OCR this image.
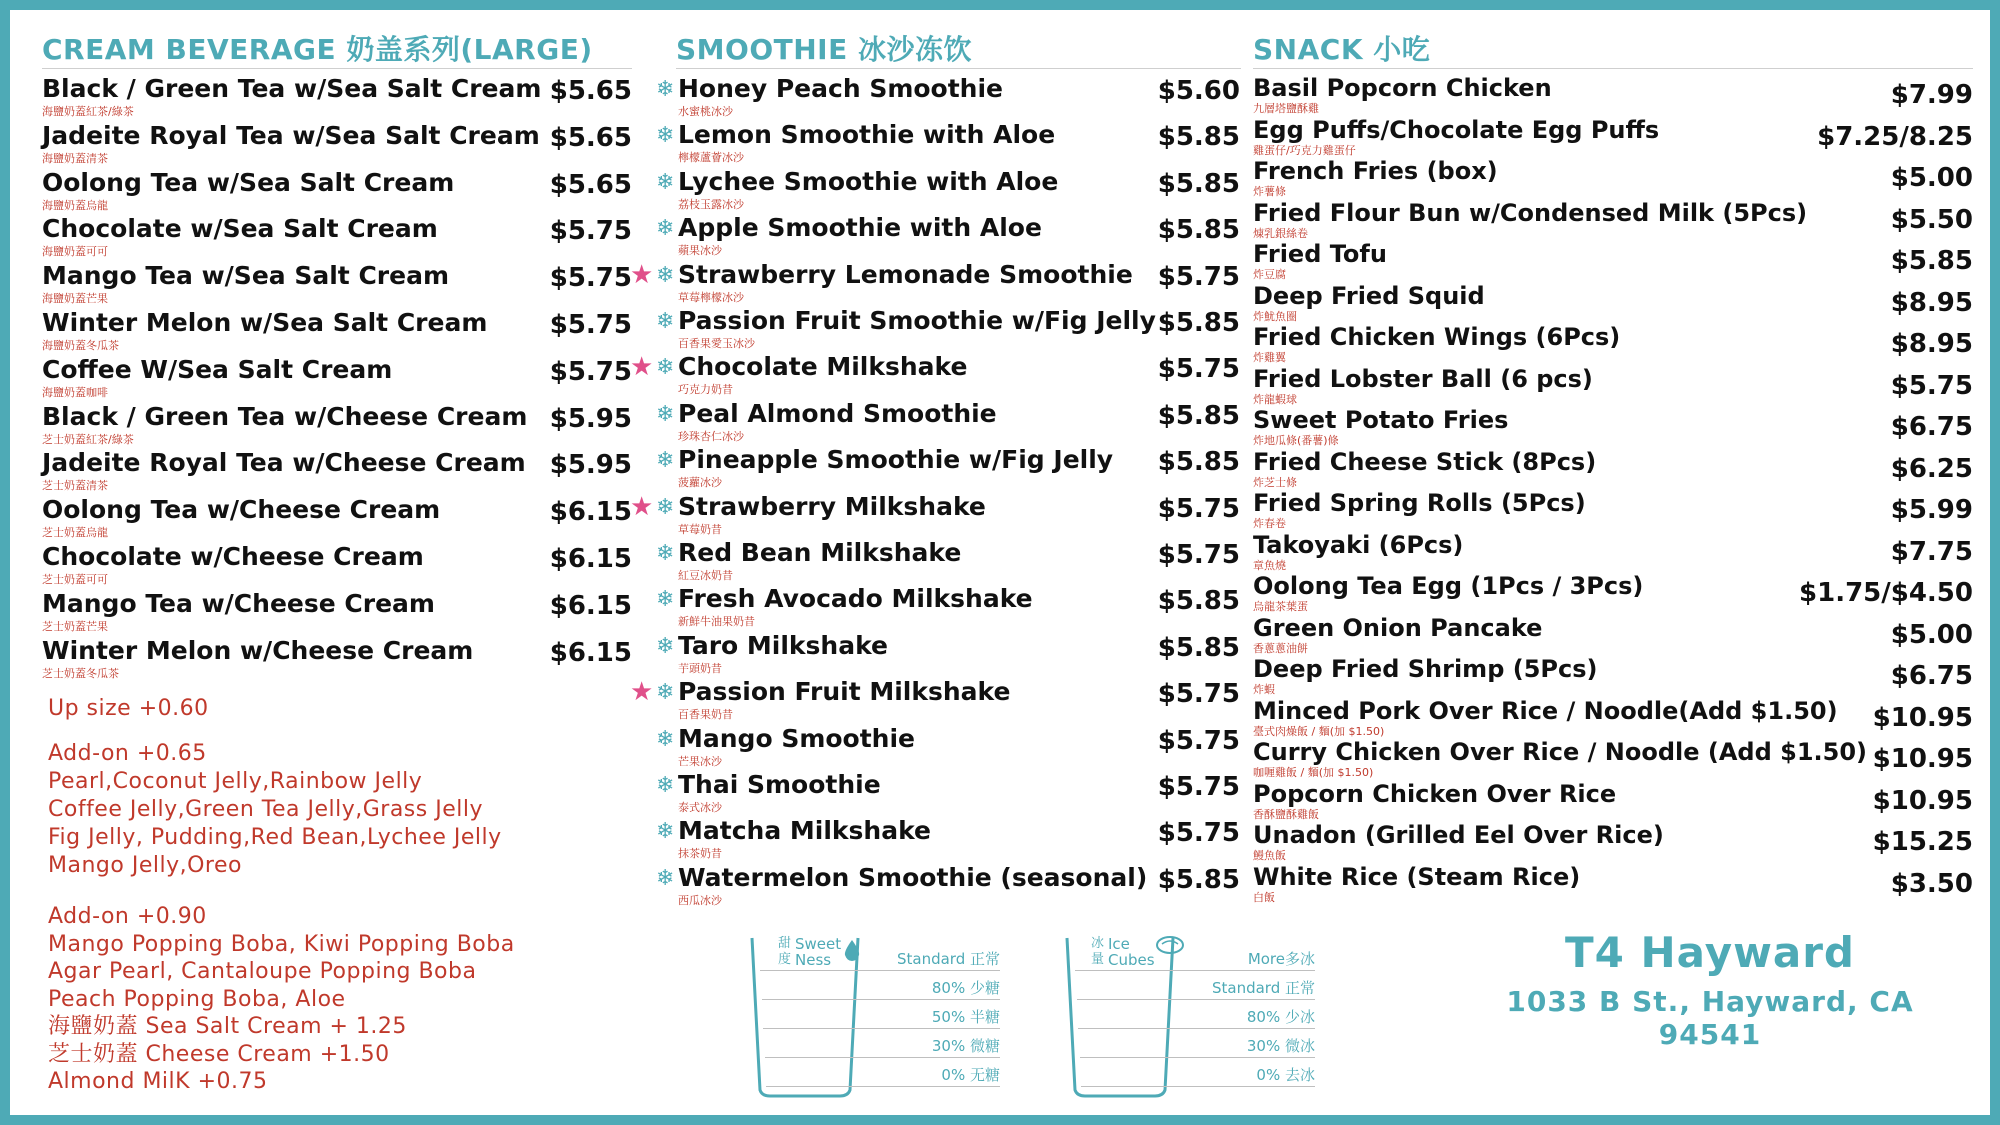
CREAM BEVERAGE 奶盖系列(LARGE)
Black / Green Tea w/Sea Salt Cream $5.65
海鹽奶蓋紅茶/綠茶
Jadeite Royal Tea w/Sea Salt Cream $5.65
海鹽奶蓋清茶
Oolong Tea w/Sea Salt Cream	$5.65
海鹽奶蓋烏龍
Chocolate w/Sea Salt Cream	$5.75
海鹽奶蓋可可
Mango Tea w/Sea Salt Cream	$5.75
海鹽奶蓋芒果
Winter Melon w/Sea Salt Cream $5.75
海鹽奶蓋冬瓜茶
Coffee W/Sea Salt Cream	$5.75
海鹽奶蓋咖啡
Black / Green Tea w/Cheese Cream $5.95
芝士奶蓋紅茶/綠茶
Jadeite Royal Tea w/Cheese Cream $5.95
芝士奶蓋清茶
Oolong Tea w/Cheese Cream	$6.15
芝士奶蓋烏龍
Chocolate w/Cheese Cream	$6.15
芝士奶蓋可可
Mango Tea w/Cheese Cream	$6.15
芝士奶蓋芒果
Winter Melon w/Cheese Cream	$6.15
芝士奶蓋冬瓜茶
Up size +0.60
Add-on +0.65
Pearl,Coconut Jelly,Rainbow Jelly
Coffee Jelly,Green Tea Jelly,Grass Jelly
Fig Jelly, Pudding,Red Bean,Lychee Jelly
Mango Jelly,Oreo
Add-on +0.90
Mango Popping Boba, Kiwi Popping Boba
Agar Pearl, Cantaloupe Popping Boba
Peach Popping Boba, Aloe
海鹽奶蓋 Sea Salt Cream + 1.25
芝士奶蓋 Cheese Cream +1.50
Almond MilK +0.75
SMOOTHIE 冰沙冻饮
❄ Honey Peach Smoothie	$5.60
水蜜桃冰沙
❄ Lemon Smoothie with Aloe	$5.85
檸檬蘆薈冰沙
❄ Lychee Smoothie with Aloe	$5.85
荔枝玉露冰沙
❄ Apple Smoothie with Aloe	$5.85
蘋果冰沙
★ ❄ Strawberry Lemonade Smoothie $5.75
草莓檸檬冰沙
❄ Passion Fruit Smoothie w/Fig Jelly $5.85
百香果愛玉冰沙
★ ❄ Chocolate Milkshake	$5.75
巧克力奶昔
❄ Peal Almond Smoothie	$5.85
珍珠杏仁冰沙
❄ Pineapple Smoothie w/Fig Jelly $5.85
菠蘿冰沙
★ ❄ Strawberry Milkshake	$5.75
草莓奶昔
❄ Red Bean Milkshake	$5.75
紅豆冰奶昔
❄ Fresh Avocado Milkshake	$5.85
新鮮牛油果奶昔
❄ Taro Milkshake	$5.85
芋頭奶昔
★ ❄ Passion Fruit Milkshake	$5.75
百香果奶昔
❄ Mango Smoothie	$5.75
芒果冰沙
❄ Thai Smoothie	$5.75
泰式冰沙
❄ Matcha Milkshake	$5.75
抹茶奶昔
❄ Watermelon Smoothie (seasonal) $5.85
西瓜冰沙
SNACK 小吃
Basil Popcorn Chicken	$7.99
九層塔鹽酥雞
Egg Puffs/Chocolate Egg Puffs	$7.25/8.25
雞蛋仔/巧克力雞蛋仔
French Fries (box)	$5.00
炸薯條
Fried Flour Bun w/Condensed Milk (5Pcs)	$5.50
煉乳銀絲卷
Fried Tofu	$5.85
炸豆腐
Deep Fried Squid	$8.95
炸魷魚圈
Fried Chicken Wings (6Pcs)	$8.95
炸雞翼
Fried Lobster Ball (6 pcs)	$5.75
炸龍蝦球
Sweet Potato Fries	$6.75
炸地瓜條(番薯)條
Fried Cheese Stick (8Pcs)	$6.25
炸芝士條
Fried Spring Rolls (5Pcs)	$5.99
炸春卷
Takoyaki (6Pcs)	$7.75
章魚燒
Oolong Tea Egg (1Pcs / 3Pcs)	$1.75/$4.50
烏龍茶葉蛋
Green Onion Pancake	$5.00
香蔥蔥油餅
Deep Fried Shrimp (5Pcs)	$6.75
炸蝦
Minced Pork Over Rice / Noodle(Add $1.50) $10.95
臺式肉燥飯 / 麵(加 $1.50)
Curry Chicken Over Rice / Noodle (Add $1.50) $10.95
咖喱雞飯 / 麵(加 $1.50)
Popcorn Chicken Over Rice	$10.95
香酥鹽酥雞飯
Unadon (Grilled Eel Over Rice)	$15.25
鰻魚飯
White Rice (Steam Rice)	$3.50
白飯
甜
度
Sweet
Ness	Standard 正常
80% 少糖
50% 半糖
30% 微糖
0% 无糖
冰
量
Ice
Cubes	More多冰
Standard 正常
80% 少冰
30% 微冰
0% 去冰
T4 Hayward
1033 B St., Hayward, CA 94541
